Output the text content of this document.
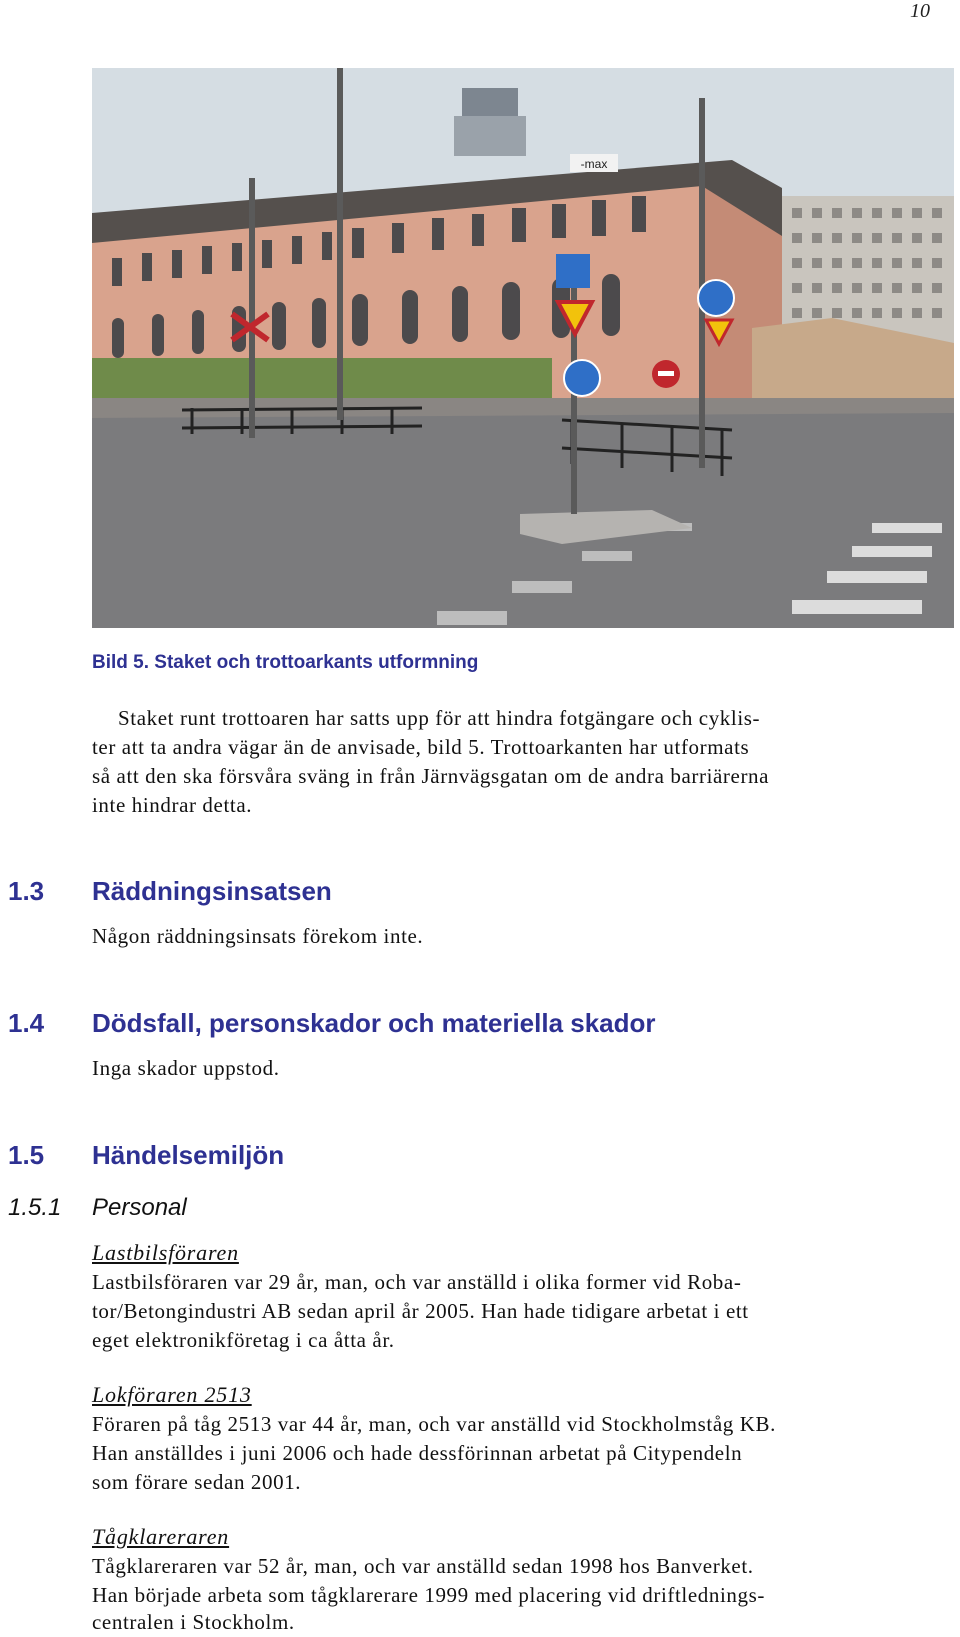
10
-max
Bild 5. Staket och trottoarkants utformning

Staket runt trottoaren har satts upp för att hindra fotgängare och cyklis-

ter att ta andra vägar än de anvisade, bild 5. Trottoarkanten har utformats

så att den ska försvåra sväng in från Järnvägsgatan om de andra barriärerna

inte hindrar detta.

1.3 Räddningsinsatsen

Någon räddningsinsats förekom inte.

1.4 Dödsfall, personskador och materiella skador

Inga skador uppstod.

1.5 Händelsemiljön
1.5.1 Personal
Lastbilsföraren

Lastbilsföraren var 29 år, man, och var anställd i olika former vid Roba-

tor/Betongindustri AB sedan april år 2005. Han hade tidigare arbetat i ett

eget elektronikföretag i ca åtta år.

Lokföraren 2513

Föraren på tåg 2513 var 44 år, man, och var anställd vid Stockholmståg KB.

Han anställdes i juni 2006 och hade dessförinnan arbetat på Citypendeln

som förare sedan 2001.

Tågklareraren

Tågklareraren var 52 år, man, och var anställd sedan 1998 hos Banverket.

Han började arbeta som tågklarerare 1999 med placering vid driftlednings-

centralen i Stockholm.
